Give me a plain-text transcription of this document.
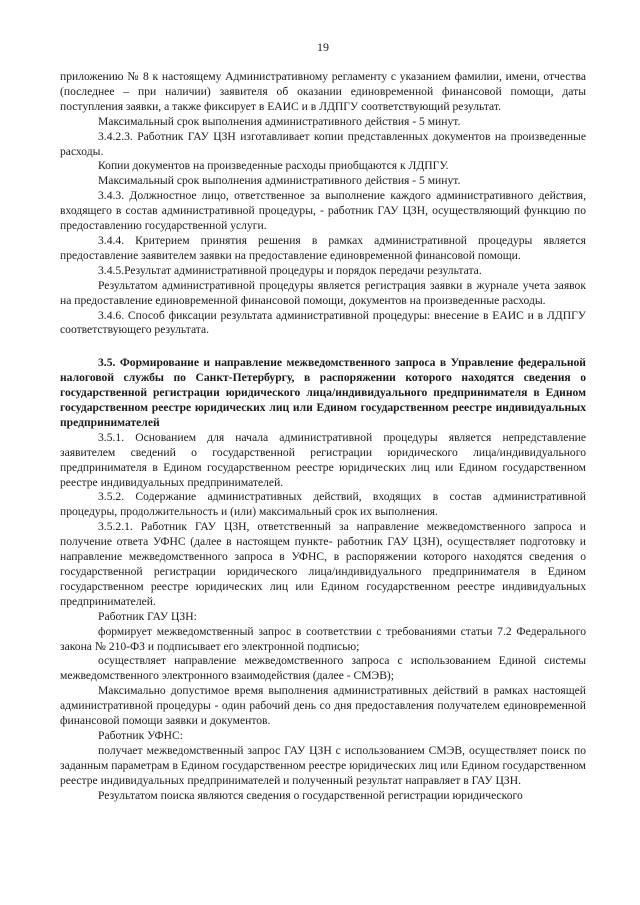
19

приложению № 8 к настоящему Административному регламенту с указанием фамилии, имени, отчества (последнее – при наличии) заявителя об оказании единовременной финансовой помощи, даты поступления заявки, а также фиксирует в ЕАИС и в ЛДПГУ соответствующий результат.

Максимальный срок выполнения административного действия - 5 минут.

3.4.2.3. Работник ГАУ ЦЗН изготавливает копии представленных документов на произведенные расходы.

Копии документов на произведенные расходы приобщаются к ЛДПГУ.

Максимальный срок выполнения административного действия - 5 минут.

3.4.3. Должностное лицо, ответственное за выполнение каждого административного действия, входящего в состав административной процедуры, - работник ГАУ ЦЗН, осуществляющий функцию по предоставлению государственной услуги.

3.4.4. Критерием принятия решения в рамках административной процедуры является предоставление заявителем заявки на предоставление единовременной финансовой помощи.

3.4.5.Результат административной процедуры и порядок передачи результата.

Результатом административной процедуры является регистрация заявки в журнале учета заявок на предоставление единовременной финансовой помощи, документов на произведенные расходы.

3.4.6. Способ фиксации результата административной процедуры: внесение в ЕАИС и в ЛДПГУ соответствующего результата.

3.5. Формирование и направление межведомственного запроса в Управление федеральной налоговой службы по Санкт-Петербургу, в распоряжении которого находятся сведения о государственной регистрации юридического лица/индивидуального предпринимателя в Едином государственном реестре юридических лиц или Едином государственном реестре индивидуальных предпринимателей

3.5.1. Основанием для начала административной процедуры является непредставление заявителем сведений о государственной регистрации юридического лица/индивидуального предпринимателя в Едином государственном реестре юридических лиц или Едином государственном реестре индивидуальных предпринимателей.

3.5.2. Содержание административных действий, входящих в состав административной процедуры, продолжительность и (или) максимальный срок их выполнения.

3.5.2.1. Работник ГАУ ЦЗН, ответственный за направление межведомственного запроса и получение ответа УФНС (далее в настоящем пункте- работник ГАУ ЦЗН), осуществляет подготовку и направление межведомственного запроса в УФНС, в распоряжении которого находятся сведения о государственной регистрации юридического лица/индивидуального предпринимателя в Едином государственном реестре юридических лиц или Едином государственном реестре индивидуальных предпринимателей.

Работник ГАУ ЦЗН:

формирует межведомственный запрос в соответствии с требованиями статьи 7.2 Федерального закона № 210-ФЗ и подписывает его электронной подписью;

осуществляет направление межведомственного запроса с использованием Единой системы межведомственного электронного взаимодействия (далее - СМЭВ);

Максимально допустимое время выполнения административных действий в рамках настоящей административной процедуры - один рабочий день со дня предоставления получателем единовременной финансовой помощи заявки и документов.

Работник УФНС:

получает межведомственный запрос ГАУ ЦЗН с использованием СМЭВ, осуществляет поиск по заданным параметрам в Едином государственном реестре юридических лиц или Едином государственном реестре индивидуальных предпринимателей и полученный результат направляет в ГАУ ЦЗН.

Результатом поиска являются сведения о государственной регистрации юридического
